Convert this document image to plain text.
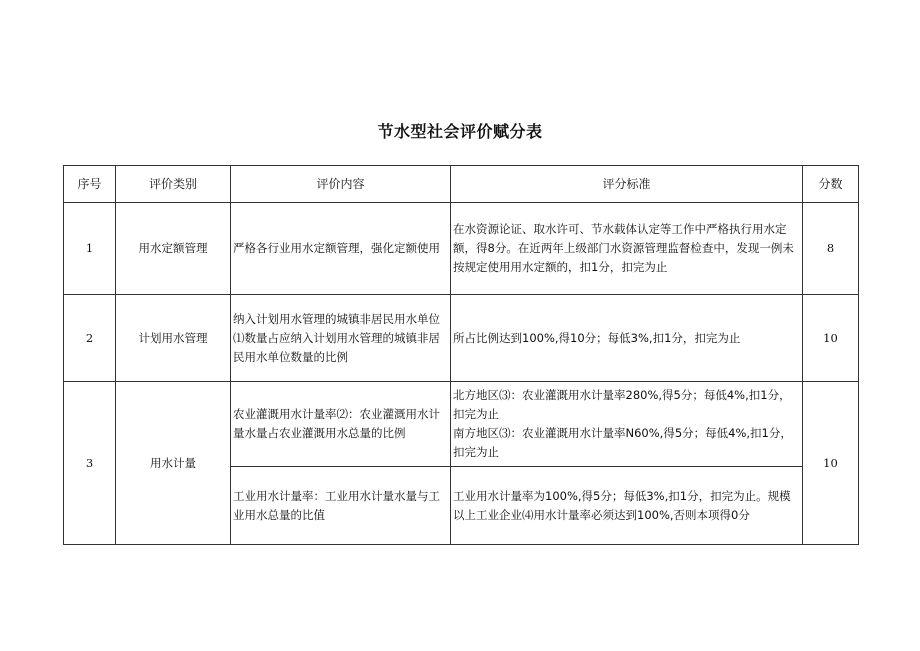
节水型社会评价赋分表
序号	评价类别	评价内容	评分标准	分数
1	用水定额管理	严格各行业用水定额管理，强化定额使用	在水资源论证、取水许可、节水载体认定等工作中严格执行用水定额，得8分。在近两年上级部门水资源管理监督检查中，发现一例未按规定使用用水定额的，扣1分，扣完为止	8
2	计划用水管理	纳入计划用水管理的城镇非居民用水单位⑴数量占应纳入计划用水管理的城镇非居民用水单位数量的比例	所占比例达到100%,得10分；每低3%,扣1分，扣完为止	10
3	用水计量	农业灌溉用水计量率⑵：农业灌溉用水计量水量占农业灌溉用水总量的比例	北方地区⑶：农业灌溉用水计量率280%,得5分；每低4%,扣1分，扣完为止
南方地区⑶：农业灌溉用水计量率N60%,得5分；每低4%,扣1分，扣完为止	10
		工业用水计量率：工业用水计量水量与工业用水总量的比值	工业用水计量率为100%,得5分；每低3%,扣1分，扣完为止。规模以上工业企业⑷用水计量率必须达到100%,否则本项得0分	
